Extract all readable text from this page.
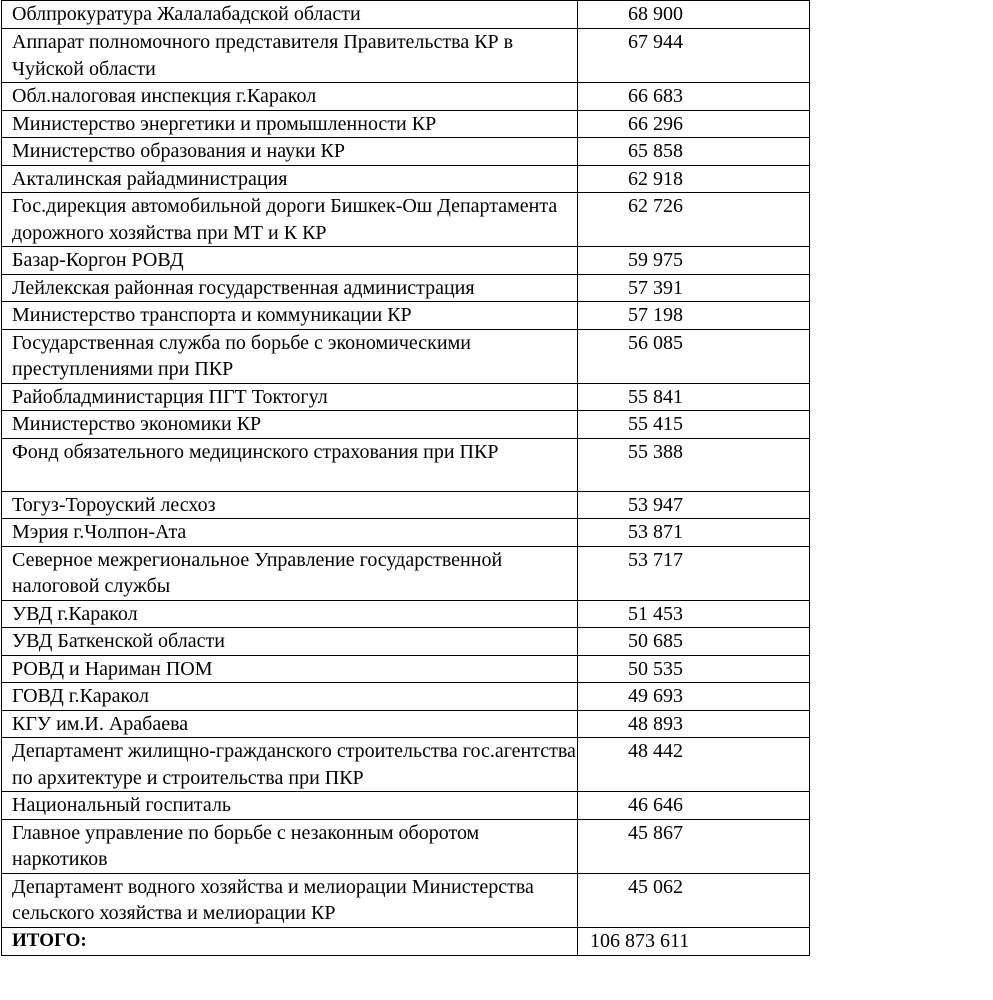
Облпрокуратура Жалалабадской области	68 900
Аппарат полномочного представителя Правительства КР в Чуйской области	67 944
Обл.налоговая инспекция г.Каракол	66 683
Министерство энергетики и промышленности КР	66 296
Министерство образования и науки КР	65 858
Акталинская райадминистрация	62 918
Гос.дирекция автомобильной дороги Бишкек-Ош Департамента дорожного хозяйства при МТ и К КР	62 726
Базар-Коргон РОВД	59 975
Лейлекская районная государственная администрация	57 391
Министерство транспорта и коммуникации КР	57 198
Государственная служба по борьбе с экономическими преступлениями при ПКР	56 085
Райобладминистарция ПГТ Токтогул	55 841
Министерство экономики КР	55 415
Фонд обязательного медицинского страхования при ПКР	55 388
Тогуз-Тороуский лесхоз	53 947
Мэрия г.Чолпон-Ата	53 871
Северное межрегиональное Управление государственной налоговой службы	53 717
УВД г.Каракол	51 453
УВД Баткенской области	50 685
РОВД и Нариман ПОМ	50 535
ГОВД г.Каракол	49 693
КГУ им.И. Арабаева	48 893
Департамент жилищно-гражданского строительства гос.агентства по архитектуре и строительства при ПКР	48 442
Национальный госпиталь	46 646
Главное управление по борьбе с незаконным оборотом наркотиков	45 867
Департамент водного хозяйства и мелиорации Министерства сельского хозяйства и мелиорации КР	45 062
ИТОГО:	106 873 611
